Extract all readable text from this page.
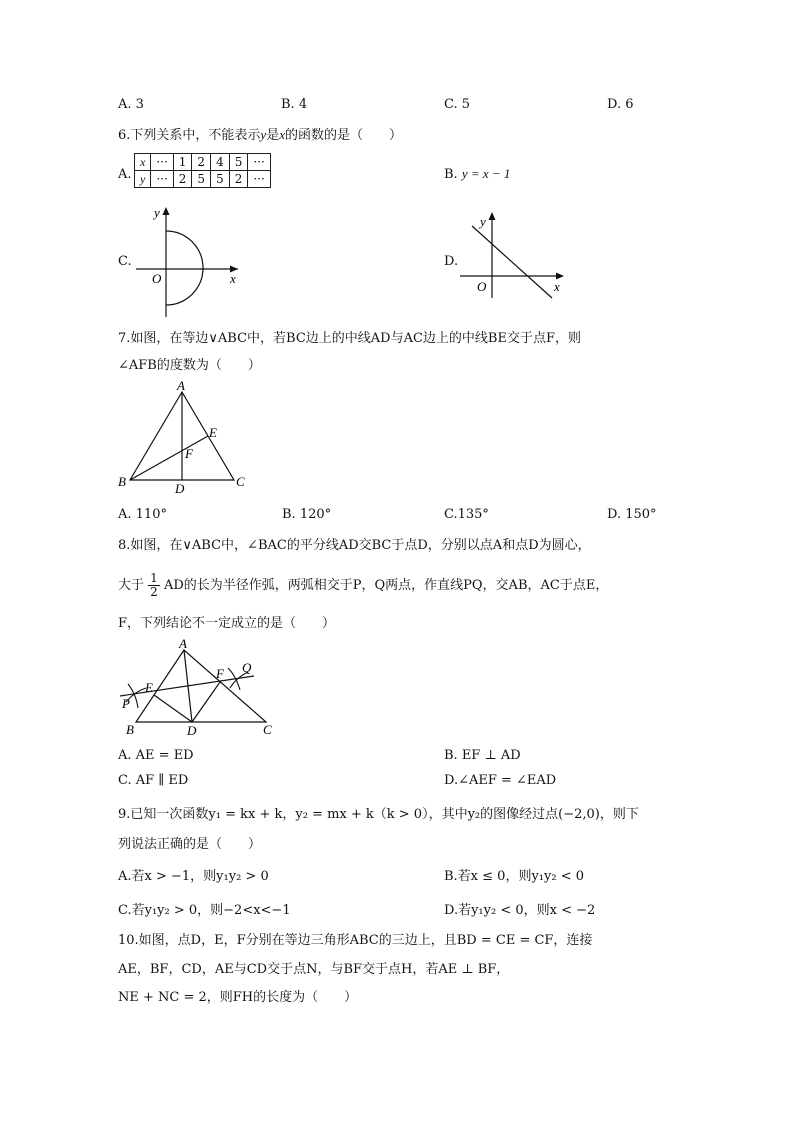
A. 3	B. 4	C. 5	D. 6
6.下列关系中，不能表示y是x的函数的是（　　）
A.
x	···	1	2	4	5	···
y	···	2	5	5	2	···	B. y = x − 1
C.
y
x
O
D.
y
x
O
7.如图，在等边∨ABC中，若BC边上的中线AD与AC边上的中线BE交于点F，则
∠AFB的度数为（　　）
A
B	C
D
E
F
A. 110°	B. 120°	C.135°	D. 150°
8.如图，在∨ABC中，∠BAC的平分线AD交BC于点D，分别以点A和点D为圆心，
大于 $\frac{1}{2}$ AD的长为半径作弧，两弧相交于P，Q两点，作直线PQ，交AB，AC于点E，
F，下列结论不一定成立的是（　　）
A
B	C
D
E
F
P
Q
A. AE = ED	B. EF ⊥ AD
C. AF ∥ ED	D.∠AEF = ∠EAD
9.已知一次函数y₁ = kx + k，y₂ = mx + k（k > 0），其中y₂的图像经过点(−2,0)，则下
列说法正确的是（　　）
A.若x > −1，则y₁y₂ > 0	B.若x ≤ 0，则y₁y₂ < 0
C.若y₁y₂ > 0，则−2<x<−1	D.若y₁y₂ < 0，则x < −2
10.如图，点D，E，F分别在等边三角形ABC的三边上，且BD = CE = CF，连接
AE，BF，CD，AE与CD交于点N，与BF交于点H，若AE ⊥ BF，
NE + NC = 2，则FH的长度为（　　）
